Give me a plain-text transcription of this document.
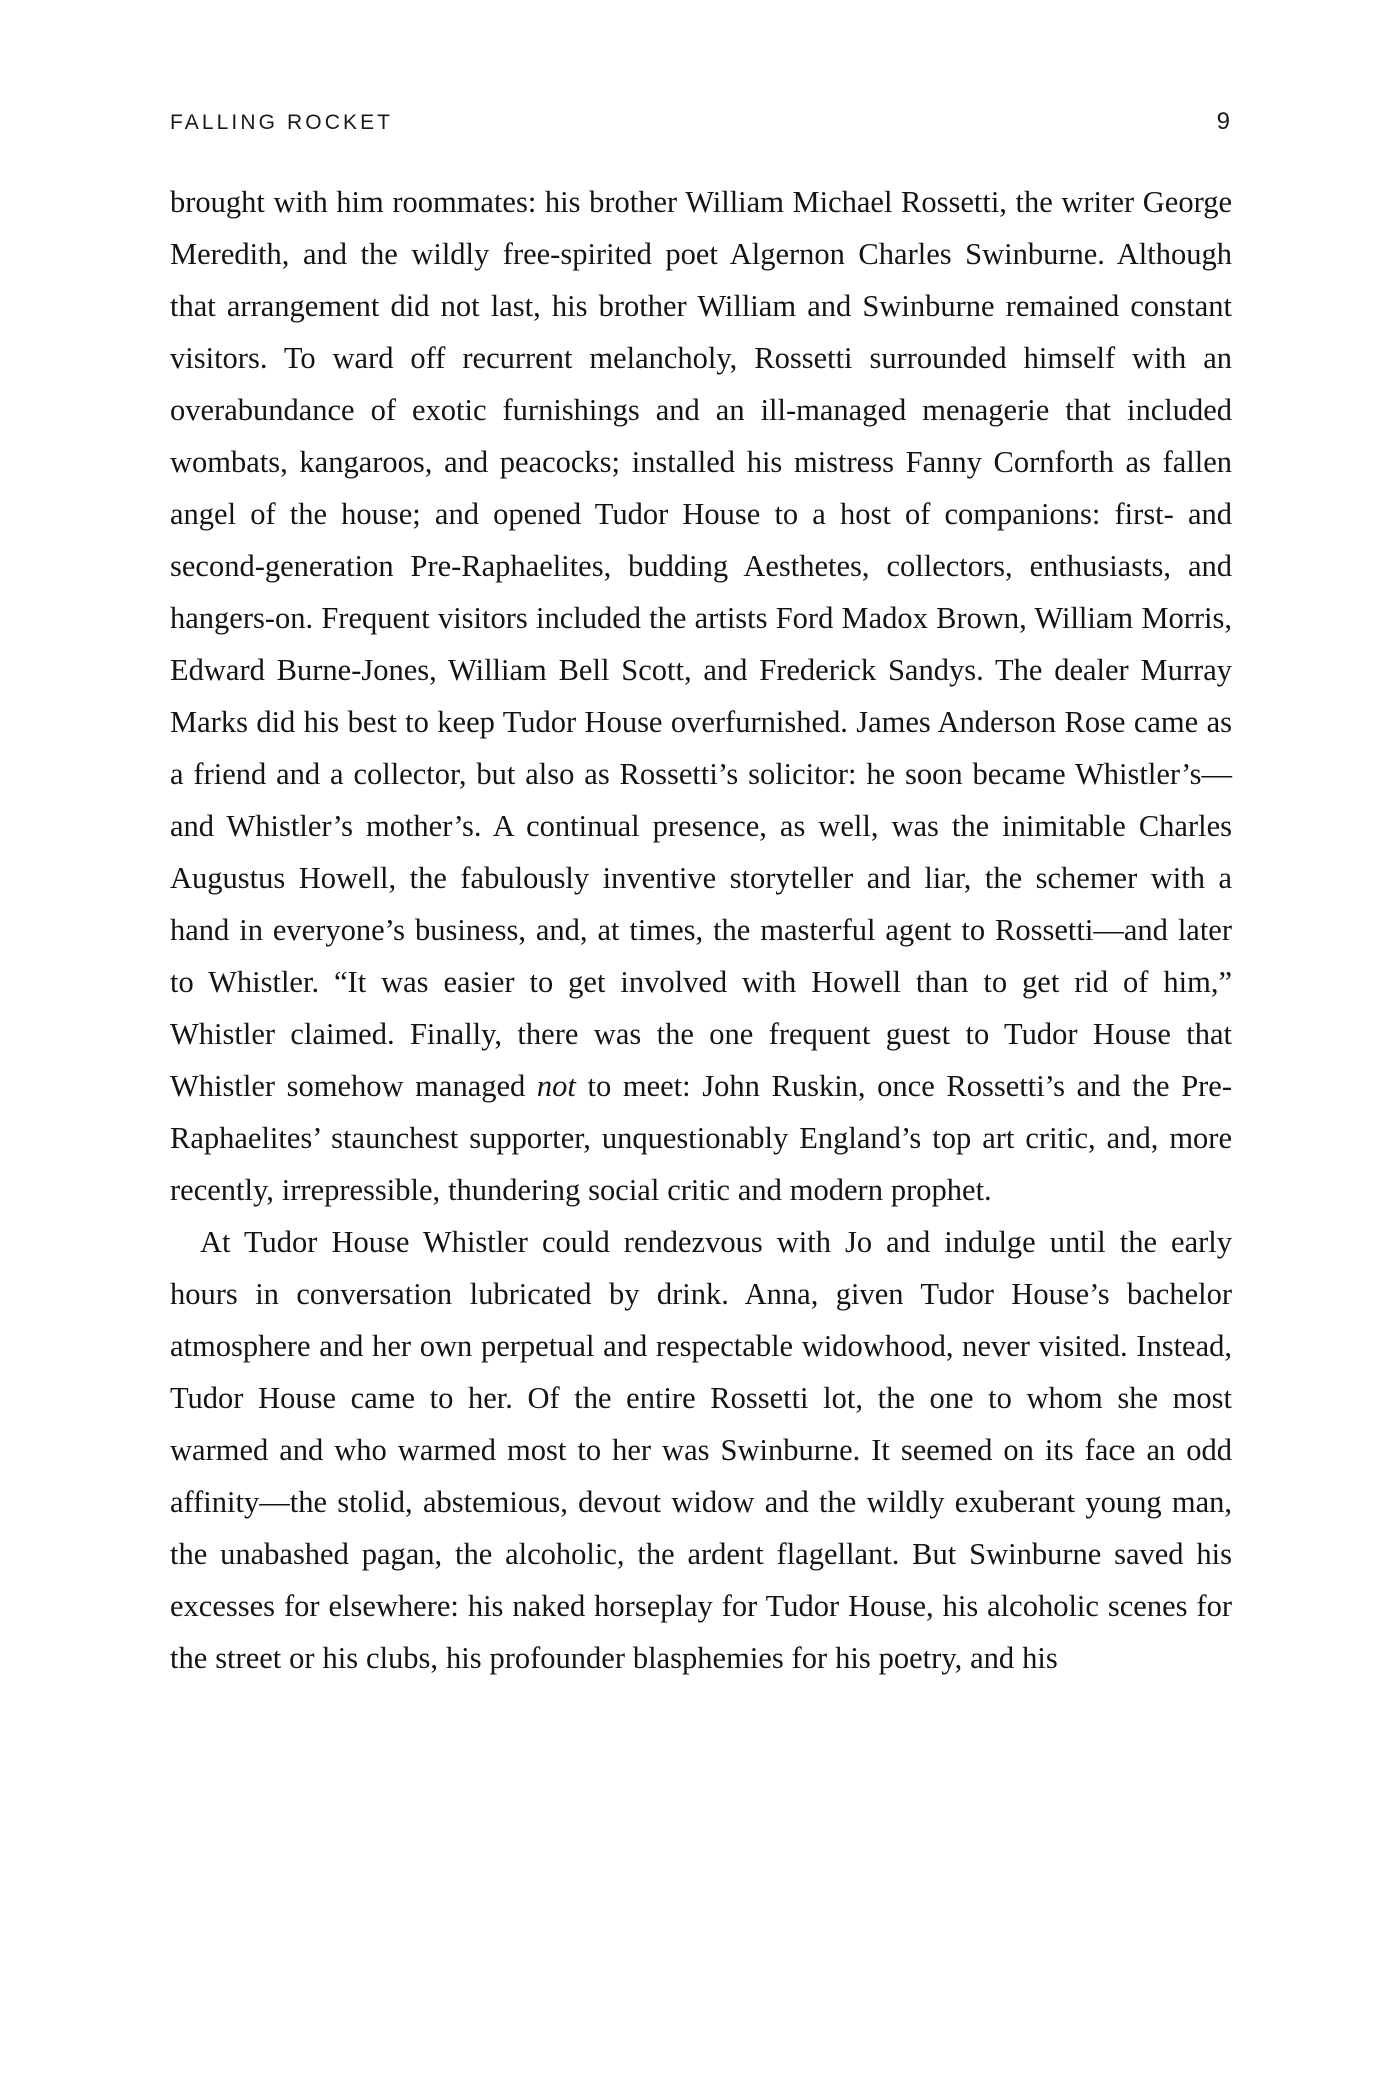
FALLING ROCKET	9

brought with him roommates: his brother William Michael Rossetti, the writer George Meredith, and the wildly free-spirited poet Algernon Charles Swinburne. Although that arrangement did not last, his brother William and Swinburne remained constant visitors. To ward off recurrent melancholy, Rossetti surrounded himself with an overabundance of exotic furnishings and an ill-managed menagerie that included wombats, kangaroos, and peacocks; installed his mistress Fanny Cornforth as fallen angel of the house; and opened Tudor House to a host of companions: first- and second-generation Pre-Raphaelites, budding Aesthetes, collectors, enthusiasts, and hangers-on. Frequent visitors included the artists Ford Madox Brown, William Morris, Edward Burne-Jones, William Bell Scott, and Frederick Sandys. The dealer Murray Marks did his best to keep Tudor House overfurnished. James Anderson Rose came as a friend and a collector, but also as Rossetti’s solicitor: he soon became Whistler’s—and Whistler’s mother’s. A continual presence, as well, was the inimitable Charles Augustus Howell, the fabulously inventive storyteller and liar, the schemer with a hand in everyone’s business, and, at times, the masterful agent to Rossetti—and later to Whistler. “It was easier to get involved with Howell than to get rid of him,” Whistler claimed. Finally, there was the one frequent guest to Tudor House that Whistler somehow managed not to meet: John Ruskin, once Rossetti’s and the Pre-Raphaelites’ staunchest supporter, unquestionably England’s top art critic, and, more recently, irrepressible, thundering social critic and modern prophet.

At Tudor House Whistler could rendezvous with Jo and indulge until the early hours in conversation lubricated by drink. Anna, given Tudor House’s bachelor atmosphere and her own perpetual and respectable widowhood, never visited. Instead, Tudor House came to her. Of the entire Rossetti lot, the one to whom she most warmed and who warmed most to her was Swinburne. It seemed on its face an odd affinity—the stolid, abstemious, devout widow and the wildly exuberant young man, the unabashed pagan, the alcoholic, the ardent flagellant. But Swinburne saved his excesses for elsewhere: his naked horseplay for Tudor House, his alcoholic scenes for the street or his clubs, his profounder blasphemies for his poetry, and his
